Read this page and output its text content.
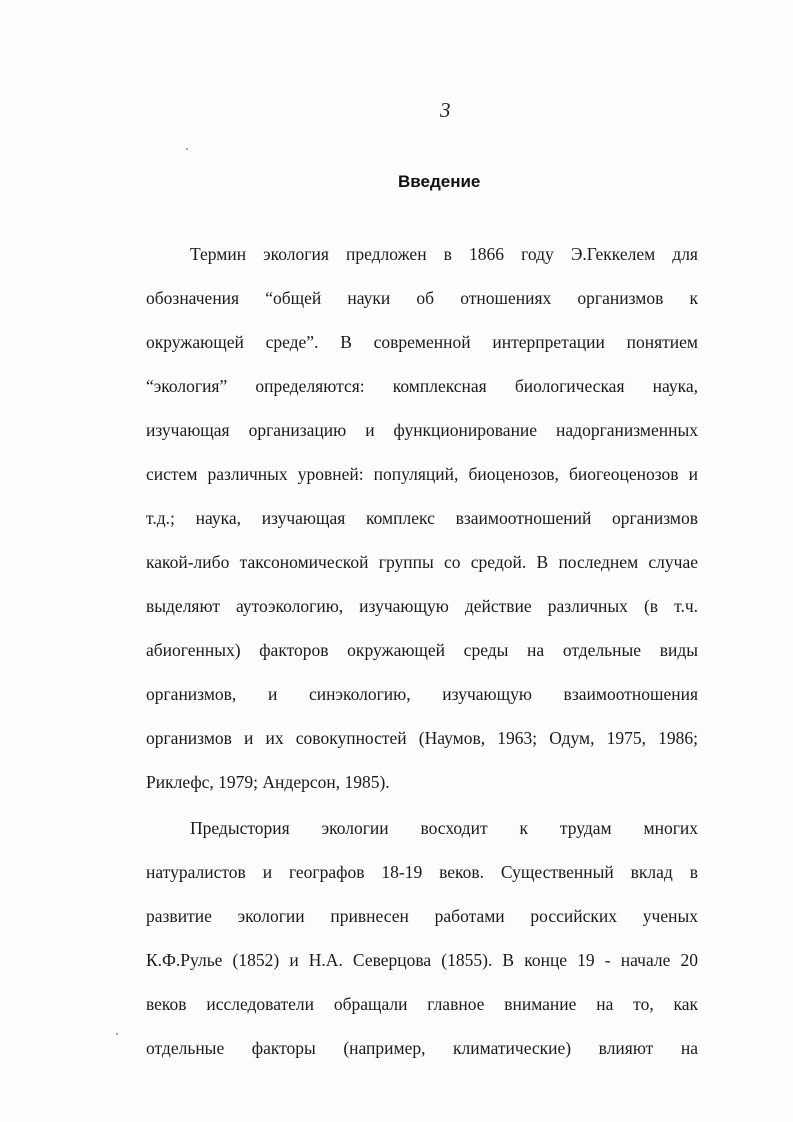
3
Введение
Термин экология предложен в 1866 году Э.Геккелем для
обозначения “общей науки об отношениях организмов к
окружающей среде”. В современной интерпретации понятием
“экология” определяются: комплексная биологическая наука,
изучающая организацию и функционирование надорганизменных
систем различных уровней: популяций, биоценозов, биогеоценозов и
т.д.; наука, изучающая комплекс взаимоотношений организмов
какой-либо таксономической группы со средой. В последнем случае
выделяют аутоэкологию, изучающую действие различных (в т.ч.
абиогенных) факторов окружающей среды на отдельные виды
организмов, и синэкологию, изучающую взаимоотношения
организмов и их совокупностей (Наумов, 1963; Одум, 1975, 1986;
Риклефс, 1979; Андерсон, 1985).
Предыстория экологии восходит к трудам многих
натуралистов и географов 18-19 веков. Существенный вклад в
развитие экологии привнесен работами российских ученых
К.Ф.Рулье (1852) и Н.А. Северцова (1855). В конце 19 - начале 20
веков исследователи обращали главное внимание на то, как
отдельные факторы (например, климатические) влияют на
